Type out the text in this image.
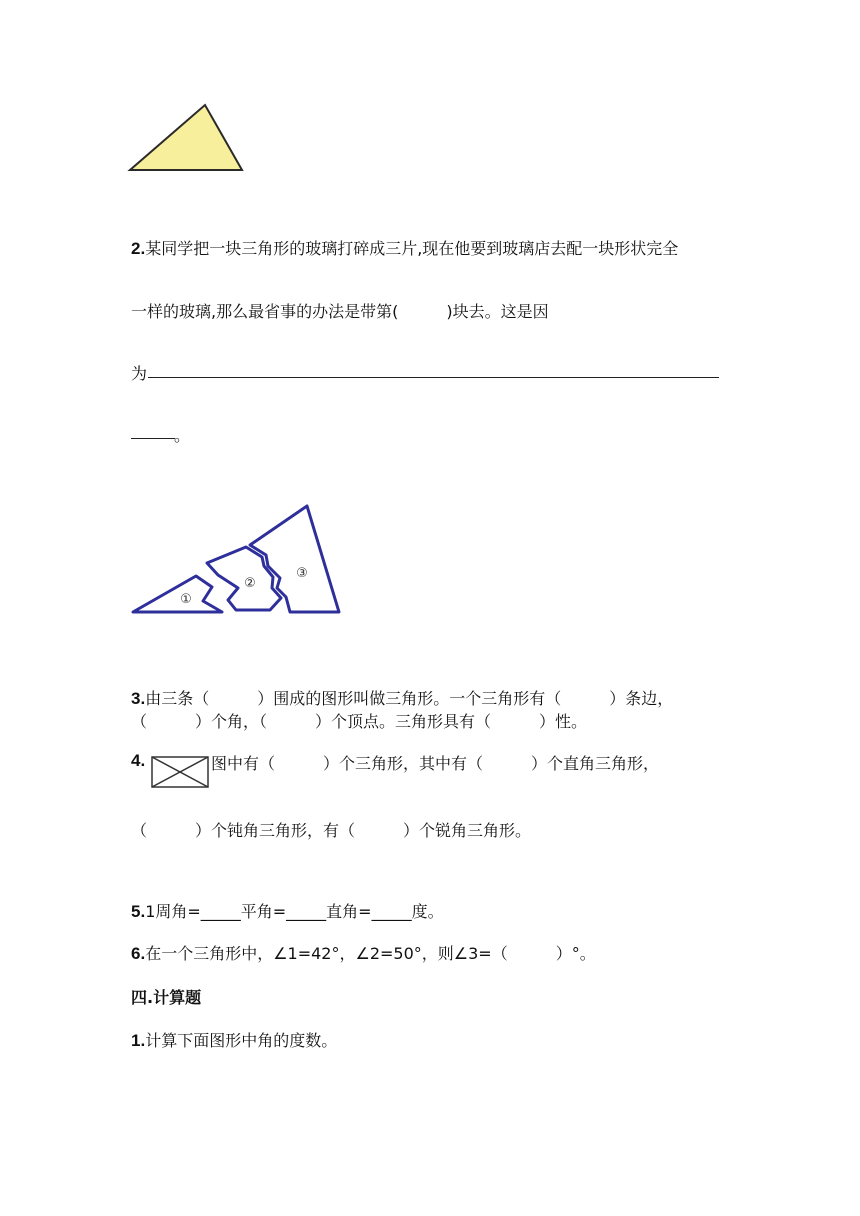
2.某同学把一块三角形的玻璃打碎成三片,现在他要到玻璃店去配一块形状完全
一样的玻璃,那么最省事的办法是带第(　　　)块去。这是因
为
。
①
②
③
3.由三条（　　　）围成的图形叫做三角形。一个三角形有（　　　）条边，
（　　　）个角，（　　　）个顶点。三角形具有（　　　）性。
4.	图中有（　　　）个三角形，其中有（　　　）个直角三角形，
（　　　）个钝角三角形，有（　　　）个锐角三角形。
5.1周角=_____平角=_____直角=_____度。
6.在一个三角形中，∠1=42°，∠2=50°，则∠3=（　　　）°。
四.计算题
1.计算下面图形中角的度数。
